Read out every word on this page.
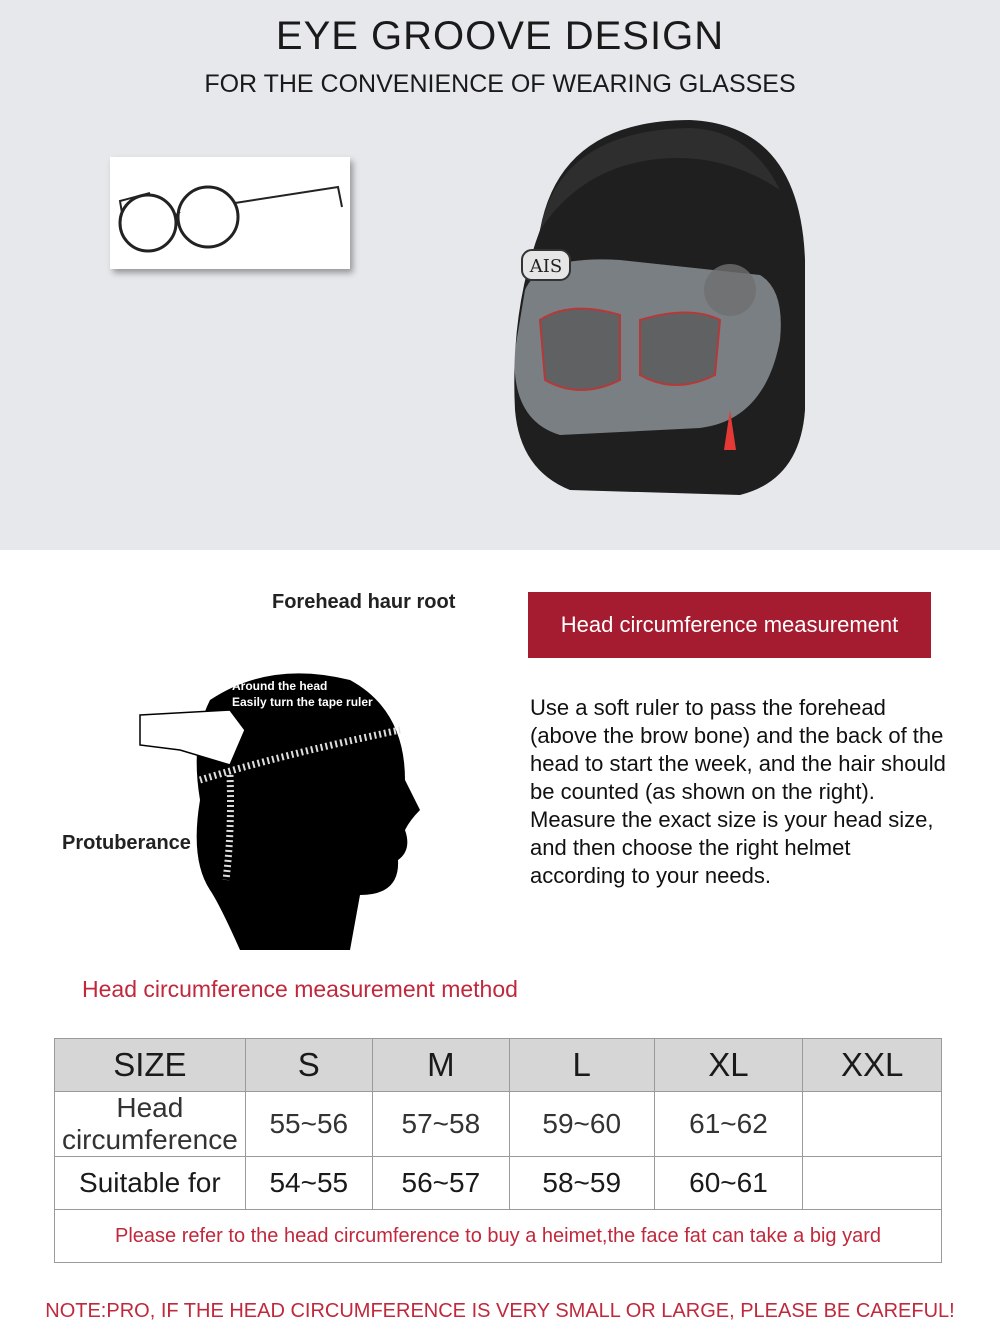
EYE GROOVE DESIGN
FOR THE CONVENIENCE OF WEARING GLASSES
AIS
Forehead haur root
Around the head
Easily turn the tape ruler
Protuberance
Head circumference measurement
Use a soft ruler to pass the forehead (above the brow bone) and the back of the head to start the week, and the hair should be counted (as shown on the right). Measure the exact size is your head size, and then choose the right helmet according to your needs.
Head circumference measurement method
SIZE	S	M	L	XL	XXL
Head circumference	55~56	57~58	59~60	61~62	
Suitable for	54~55	56~57	58~59	60~61	
Please refer to the head circumference to buy a heimet,the face fat can take a big yard					
NOTE:PRO, IF THE HEAD CIRCUMFERENCE IS VERY SMALL OR LARGE, PLEASE BE CAREFUL!
